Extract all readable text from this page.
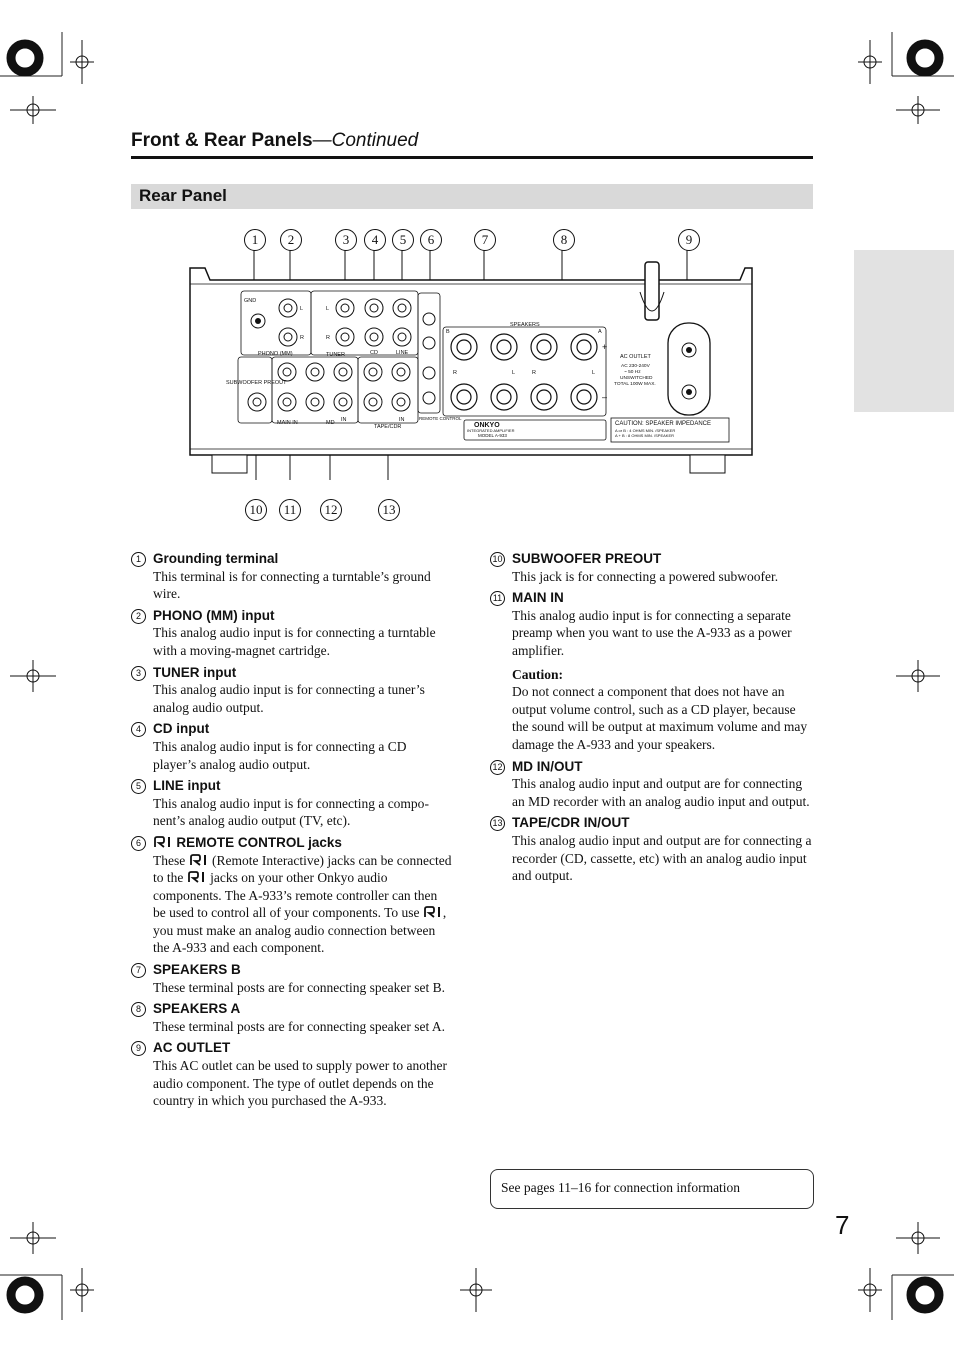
Front & Rear Panels—Continued
Rear Panel
1	2	3	4	5	6	7	8	9
10	11	12	13
GND
PHONO (MM)	TUNER	CD	LINE
SUBWOOFER PREOUT
MAIN IN	MD
TAPE/CDR
IN	IN	REMOTE CONTROL
SPEAKERS
B	A
R	L	R	L
+
–
L
R
L
R
AC OUTLET
AC 230-240V
~ 50 Hz
UNSWITCHED
TOTAL 100W MAX.
CAUTION: SPEAKER IMPEDANCE
A or B : 4 OHMS MIN. /SPEAKER
A + B : 8 OHMS MIN. /SPEAKER
ONKYO
INTEGRATED AMPLIFIER
MODEL A-933
1 Grounding terminal
This terminal is for connecting a turntable’s ground wire.
2 PHONO (MM) input
This analog audio input is for connecting a turntable with a moving-magnet cartridge.
3 TUNER input
This analog audio input is for connecting a tuner’s analog audio output.
4 CD input
This analog audio input is for connecting a CD player’s analog audio output.
5 LINE input
This analog audio input is for connecting a component’s analog audio output (TV, etc).
6	REMOTE CONTROL jacks
These (Remote Interactive) jacks can be connected to the jacks on your other Onkyo audio components. The A-933’s remote controller can then be used to control all of your components. To use , you must make an analog audio connection between the A-933 and each component.
7 SPEAKERS B
These terminal posts are for connecting speaker set B.
8 SPEAKERS A
These terminal posts are for connecting speaker set A.
9 AC OUTLET
This AC outlet can be used to supply power to another audio component. The type of outlet depends on the country in which you purchased the A-933.
10 SUBWOOFER PREOUT
This jack is for connecting a powered subwoofer.
11 MAIN IN
This analog audio input is for connecting a separate preamp when you want to use the A-933 as a power amplifier.
Caution:
Do not connect a component that does not have an output volume control, such as a CD player, because the sound will be output at maximum volume and may damage the A-933 and your speakers.
12 MD IN/OUT
This analog audio input and output are for connecting an MD recorder with an analog audio input and output.
13 TAPE/CDR IN/OUT
This analog audio input and output are for connecting a recorder (CD, cassette, etc) with an analog audio input and output.
See pages 11–16 for connection information
7
